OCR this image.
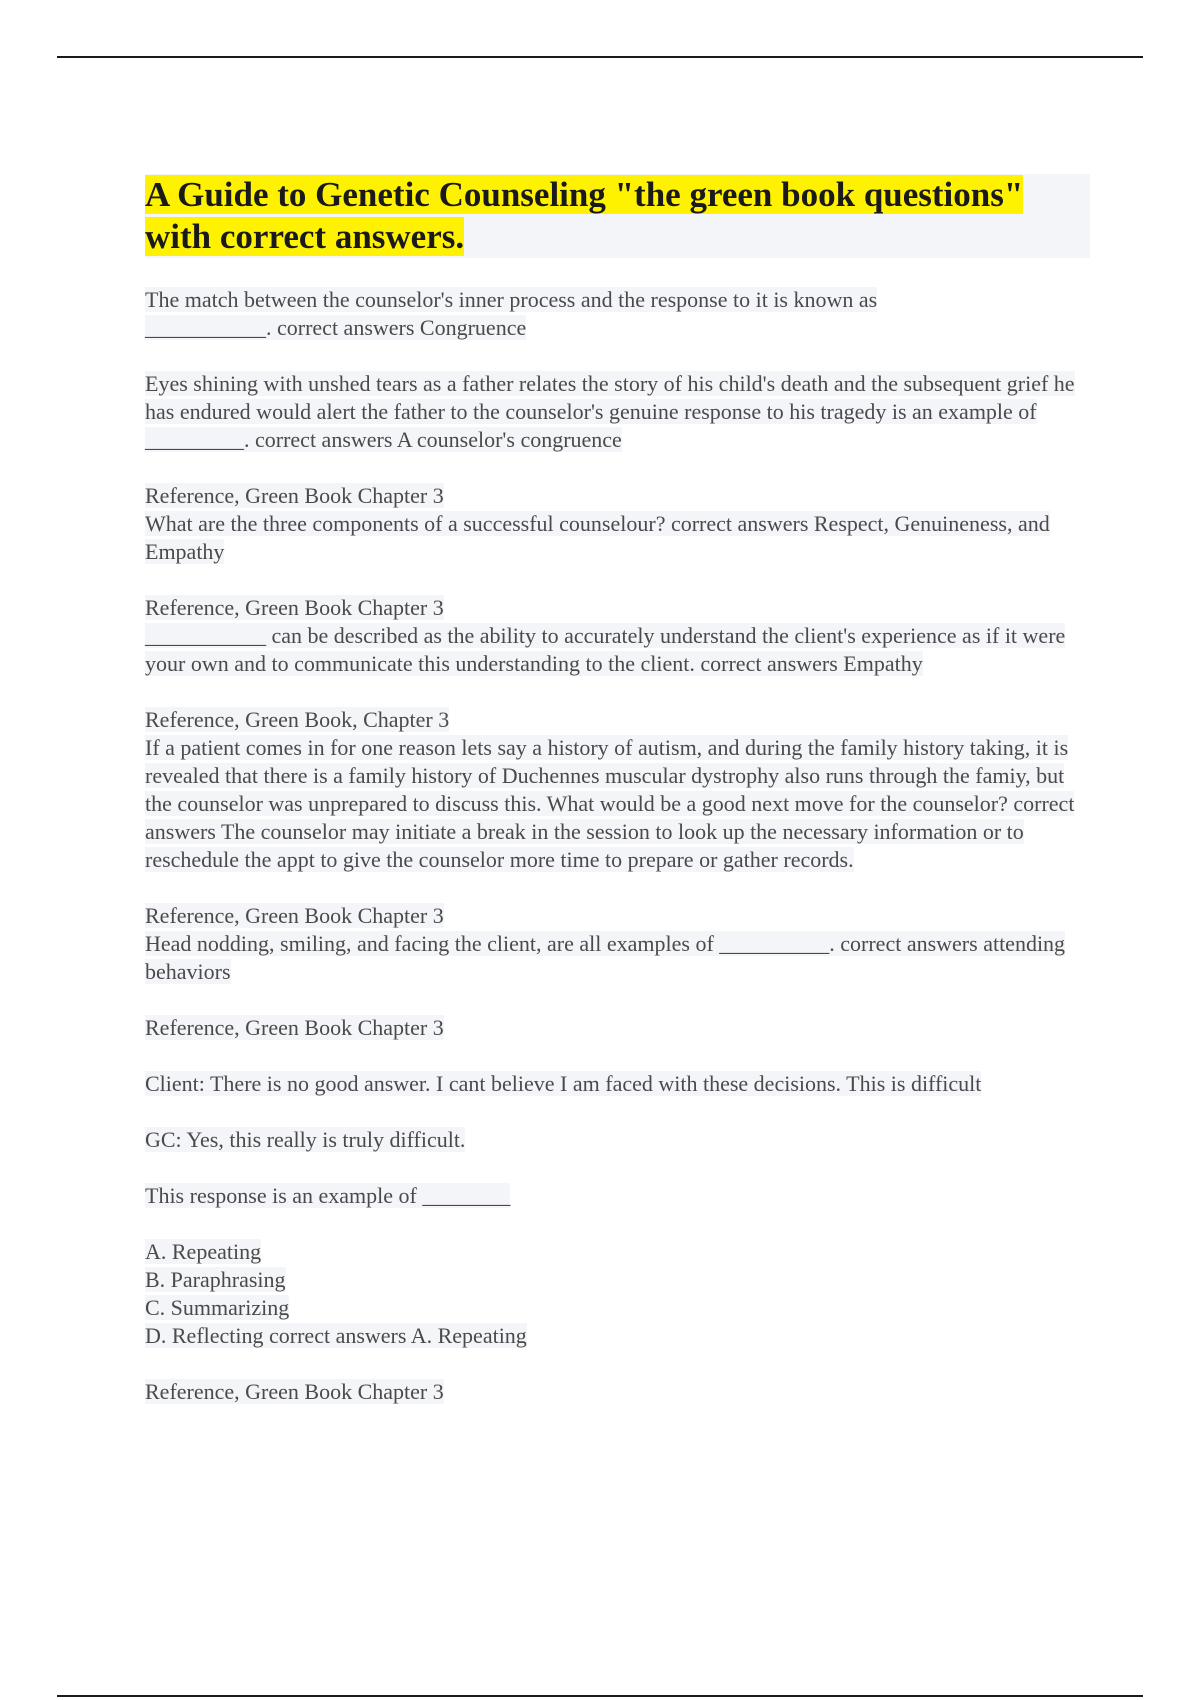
A Guide to Genetic Counseling "the green book questions" with correct answers.

The match between the counselor's inner process and the response to it is known as
___________. correct answers Congruence

Eyes shining with unshed tears as a father relates the story of his child's death and the subsequent grief he has endured would alert the father to the counselor's genuine response to his tragedy is an example of _________. correct answers A counselor's congruence

Reference, Green Book Chapter 3
What are the three components of a successful counselour? correct answers Respect, Genuineness, and Empathy

Reference, Green Book Chapter 3
___________ can be described as the ability to accurately understand the client's experience as if it were your own and to communicate this understanding to the client. correct answers Empathy

Reference, Green Book, Chapter 3
If a patient comes in for one reason lets say a history of autism, and during the family history taking, it is revealed that there is a family history of Duchennes muscular dystrophy also runs through the famiy, but the counselor was unprepared to discuss this. What would be a good next move for the counselor? correct answers The counselor may initiate a break in the session to look up the necessary information or to reschedule the appt to give the counselor more time to prepare or gather records.

Reference, Green Book Chapter 3
Head nodding, smiling, and facing the client, are all examples of __________. correct answers attending behaviors

Reference, Green Book Chapter 3

Client: There is no good answer. I cant believe I am faced with these decisions. This is difficult

GC: Yes, this really is truly difficult.

This response is an example of ________

A. Repeating
B. Paraphrasing
C. Summarizing
D. Reflecting correct answers A. Repeating

Reference, Green Book Chapter 3
